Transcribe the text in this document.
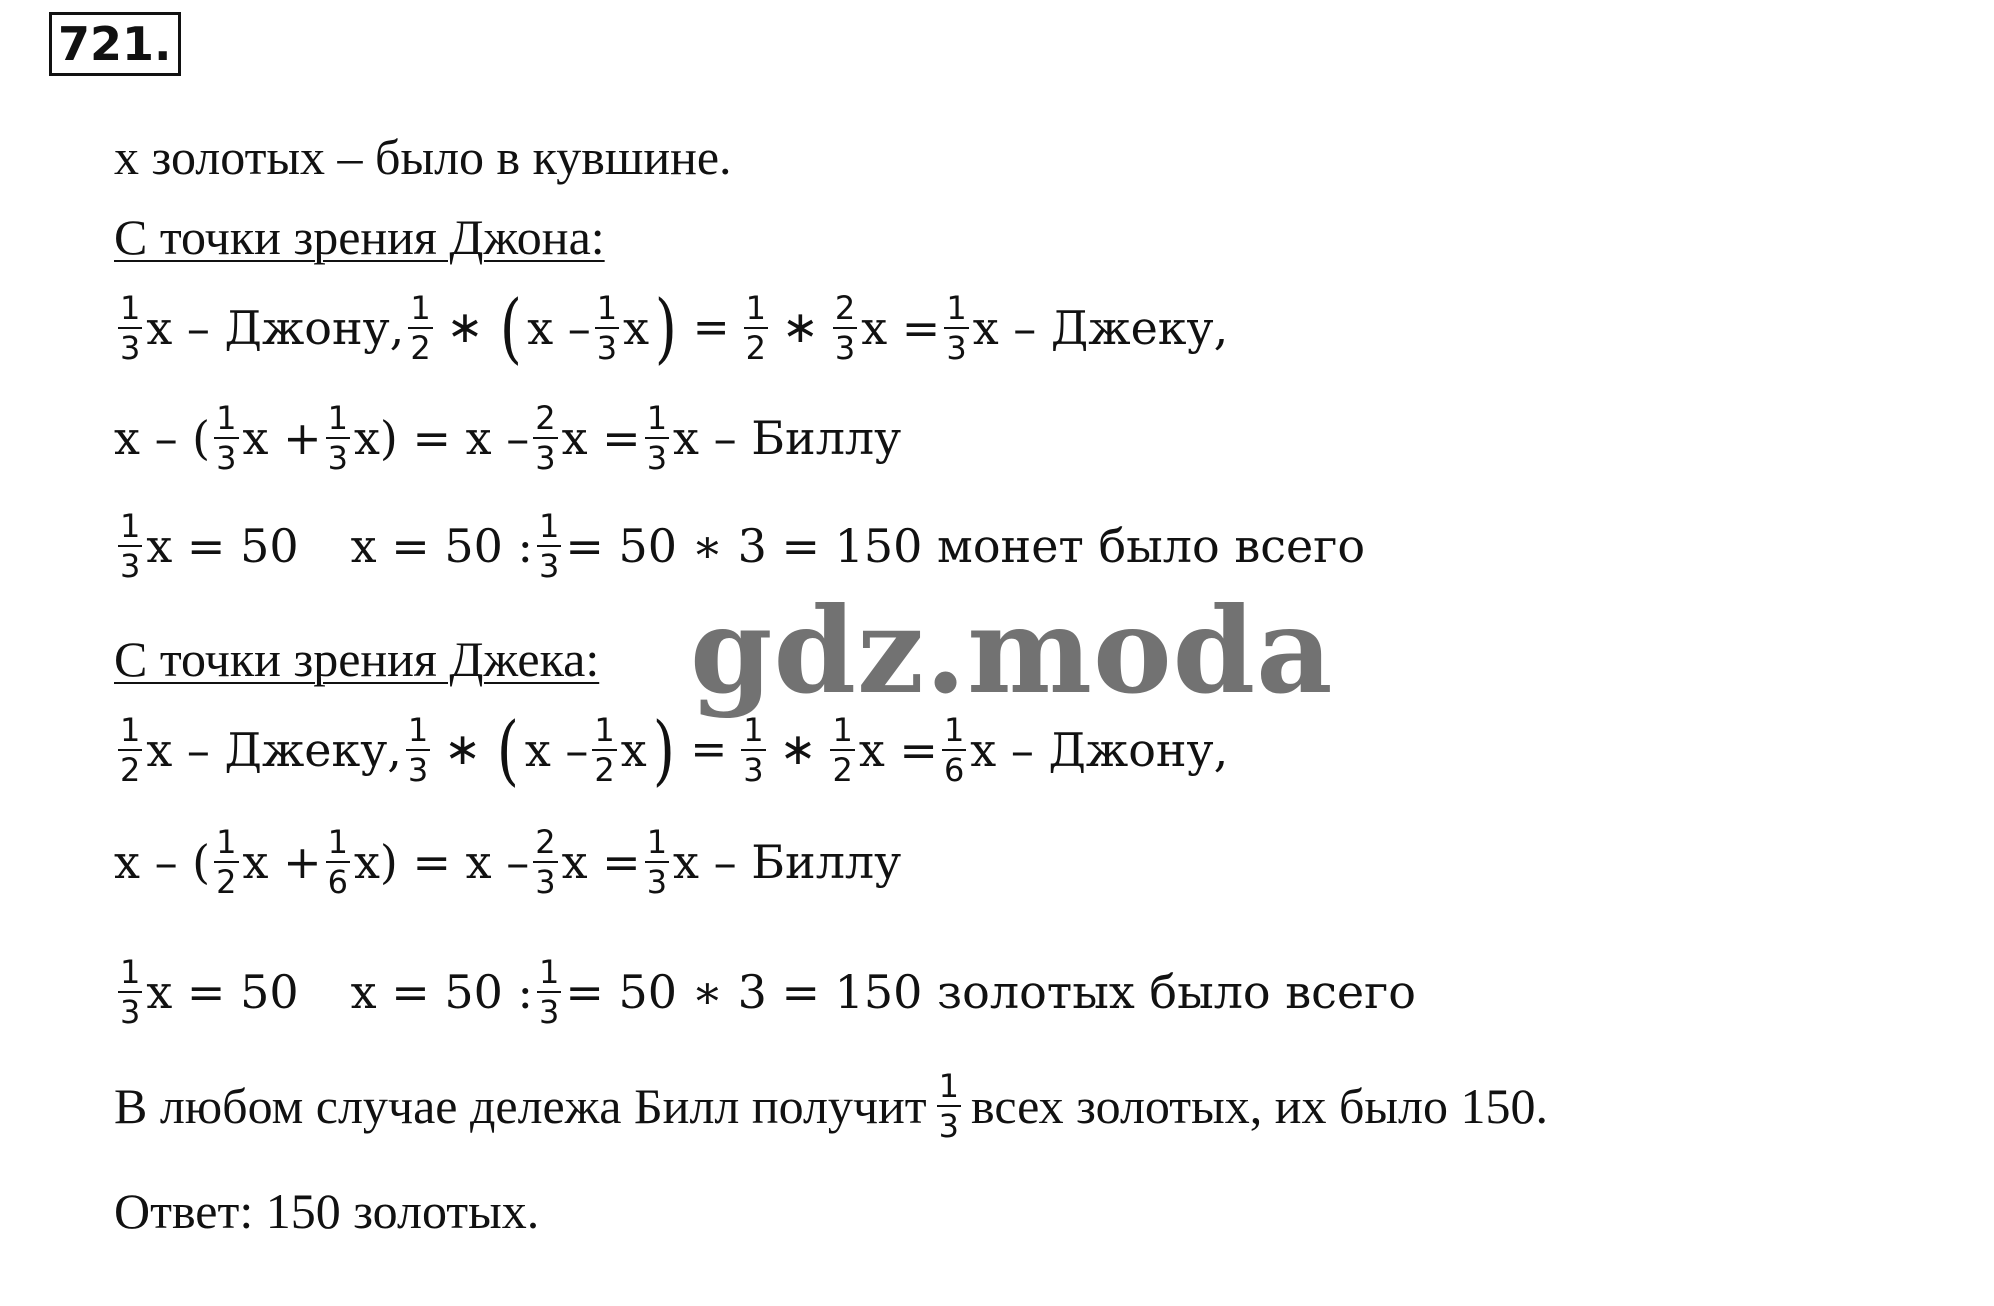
721.
x золотых – было в кувшине.
С точки зрения Джона:
$\frac{1}{3}$ x – Джону, $\frac{1}{2}$ ∗ ( x – $\frac{1}{3}$ x ) = $\frac{1}{2}$ ∗ $\frac{2}{3}$ $x = \frac{1}{3}$ x – Джеку,
x – ( $\frac{1}{3}$ $x + \frac{1}{3} x) = x - \frac{2}{3}$ $x = \frac{1}{3}$ x – Биллу
$\frac{1}{3}$ x = 50 x = 50 : $\frac{1}{3} = 50$ ∗ 3 = 150 монет было всего
С точки зрения Джека:
$\frac{1}{2}$ x – Джеку, $\frac{1}{3}$ ∗ ( x – $\frac{1}{2}$ x ) = $\frac{1}{3}$ ∗ $\frac{1}{2}$ $x = \frac{1}{6}$ x – Джону,
x – ( $\frac{1}{2}$ $x + \frac{1}{6} x) = x - \frac{2}{3}$ $x = \frac{1}{3}$ x – Биллу
$\frac{1}{3}$ x = 50 x = 50 : $\frac{1}{3} = 50$ ∗ 3 = 150 золотых было всего
В любом случае дележа Билл получит $\frac{1}{3}$ всех золотых, их было 150.
Ответ: 150 золотых.
gdz.moda
